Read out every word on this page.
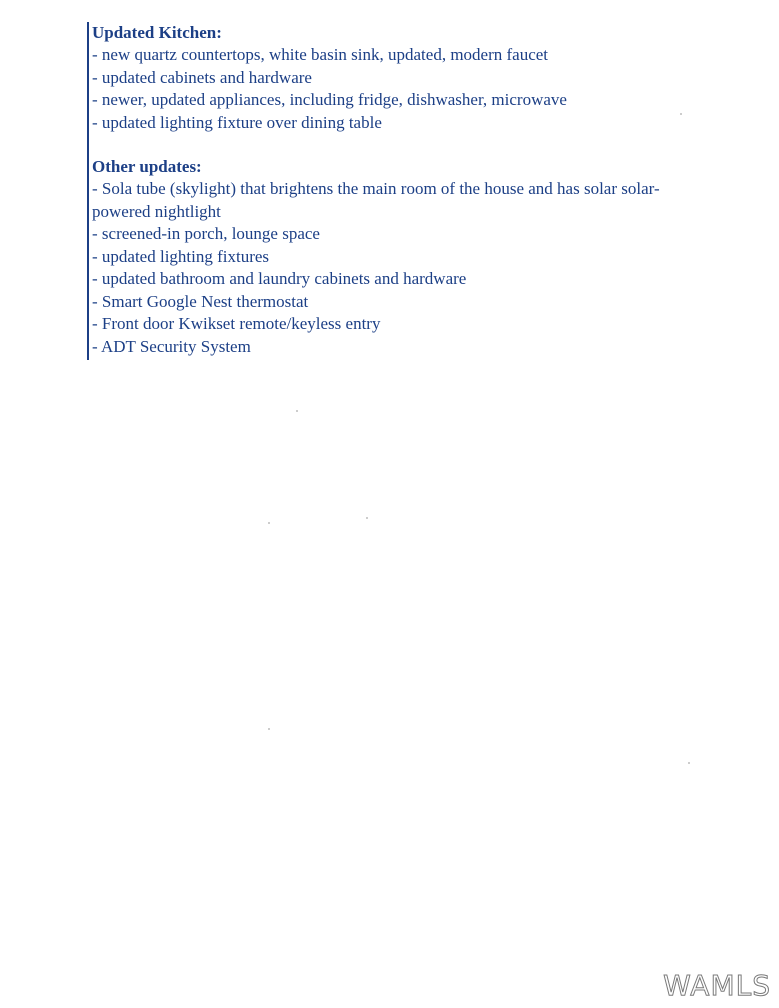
Updated Kitchen:

- new quartz countertops, white basin sink, updated, modern faucet

- updated cabinets and hardware

- newer, updated appliances, including fridge, dishwasher, microwave

- updated lighting fixture over dining table

Other updates:

- Sola tube (skylight) that brightens the main room of the house and has solar solar-powered nightlight

- screened-in porch, lounge space

- updated lighting fixtures

- updated bathroom and laundry cabinets and hardware

- Smart Google Nest thermostat

- Front door Kwikset remote/keyless entry

- ADT Security System

WAMLS
